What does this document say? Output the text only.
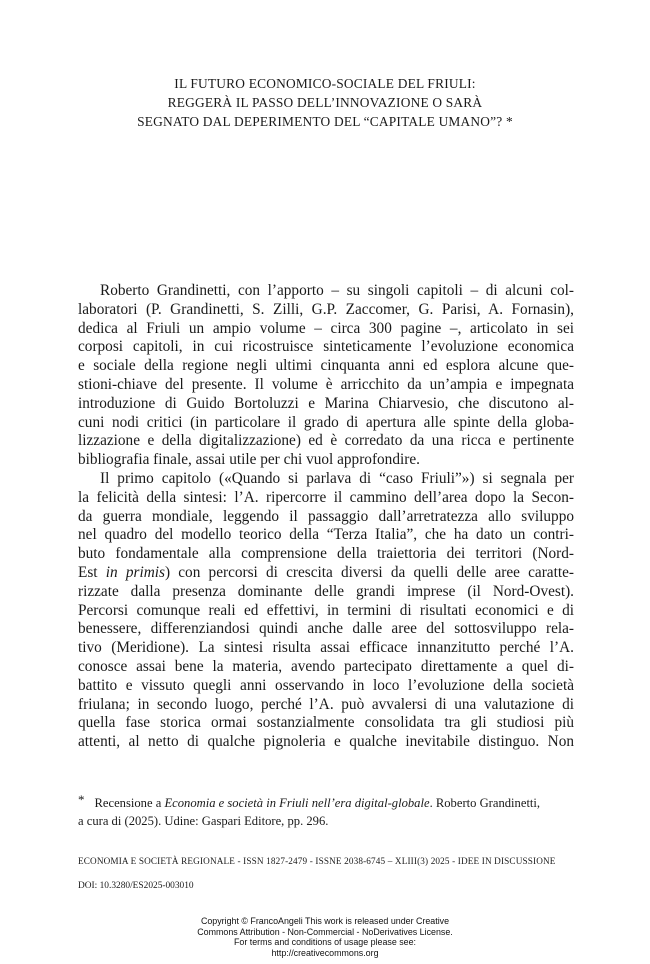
IL FUTURO ECONOMICO-SOCIALE DEL FRIULI:
REGGERÀ IL PASSO DELL’INNOVAZIONE O SARÀ
SEGNATO DAL DEPERIMENTO DEL “CAPITALE UMANO”? *
Roberto Grandinetti, con l’apporto – su singoli capitoli – di alcuni col-
laboratori (P. Grandinetti, S. Zilli, G.P. Zaccomer, G. Parisi, A. Fornasin),
dedica al Friuli un ampio volume – circa 300 pagine –, articolato in sei
corposi capitoli, in cui ricostruisce sinteticamente l’evoluzione economica
e sociale della regione negli ultimi cinquanta anni ed esplora alcune que-
stioni-chiave del presente. Il volume è arricchito da un’ampia e impegnata
introduzione di Guido Bortoluzzi e Marina Chiarvesio, che discutono al-
cuni nodi critici (in particolare il grado di apertura alle spinte della globa-
lizzazione e della digitalizzazione) ed è corredato da una ricca e pertinente
bibliografia finale, assai utile per chi vuol approfondire.
Il primo capitolo («Quando si parlava di “caso Friuli”») si segnala per
la felicità della sintesi: l’A. ripercorre il cammino dell’area dopo la Secon-
da guerra mondiale, leggendo il passaggio dall’arretratezza allo sviluppo
nel quadro del modello teorico della “Terza Italia”, che ha dato un contri-
buto fondamentale alla comprensione della traiettoria dei territori (Nord-
Est in primis) con percorsi di crescita diversi da quelli delle aree caratte-
rizzate dalla presenza dominante delle grandi imprese (il Nord-Ovest).
Percorsi comunque reali ed effettivi, in termini di risultati economici e di
benessere, differenziandosi quindi anche dalle aree del sottosviluppo rela-
tivo (Meridione). La sintesi risulta assai efficace innanzitutto perché l’A.
conosce assai bene la materia, avendo partecipato direttamente a quel di-
battito e vissuto quegli anni osservando in loco l’evoluzione della società
friulana; in secondo luogo, perché l’A. può avvalersi di una valutazione di
quella fase storica ormai sostanzialmente consolidata tra gli studiosi più
attenti, al netto di qualche pignoleria e qualche inevitabile distinguo. Non
* Recensione a Economia e società in Friuli nell’era digital-globale. Roberto Grandinetti,
a cura di (2025). Udine: Gaspari Editore, pp. 296.
ECONOMIA E SOCIETÀ REGIONALE - ISSN 1827-2479 - ISSNE 2038-6745 – XLIII(3) 2025 - IDEE IN DISCUSSIONE
DOI: 10.3280/ES2025-003010
Copyright © FrancoAngeli This work is released under Creative
Commons Attribution - Non-Commercial - NoDerivatives License.
For terms and conditions of usage please see:
http://creativecommons.org
